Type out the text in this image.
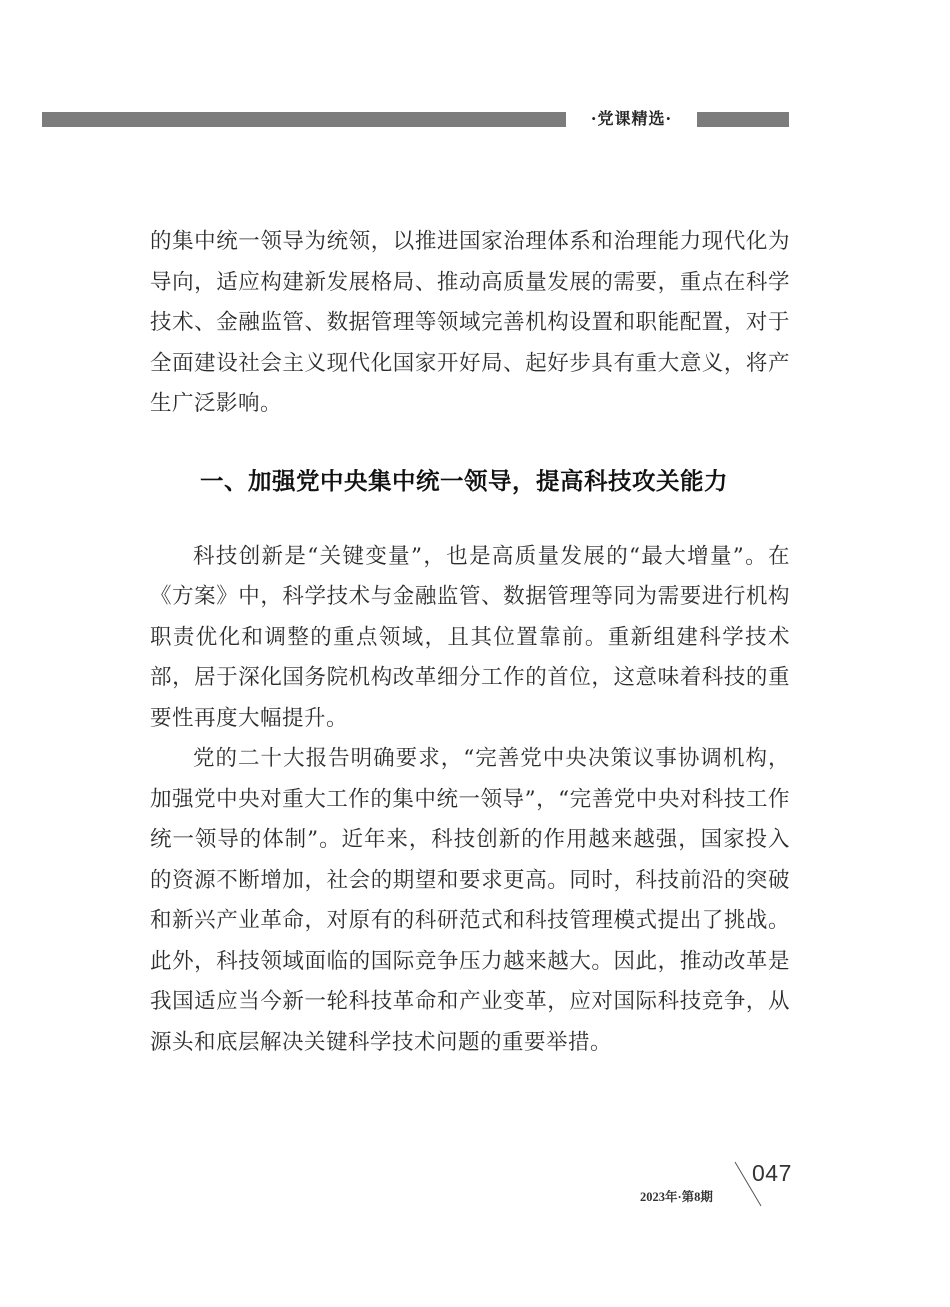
·党课精选·

的集中统一领导为统领，以推进国家治理体系和治理能力现代化为导向，适应构建新发展格局、推动高质量发展的需要，重点在科学技术、金融监管、数据管理等领域完善机构设置和职能配置，对于全面建设社会主义现代化国家开好局、起好步具有重大意义，将产生广泛影响。

一、加强党中央集中统一领导，提高科技攻关能力

科技创新是“关键变量”，也是高质量发展的“最大增量”。在《方案》中，科学技术与金融监管、数据管理等同为需要进行机构职责优化和调整的重点领域，且其位置靠前。重新组建科学技术部，居于深化国务院机构改革细分工作的首位，这意味着科技的重要性再度大幅提升。

党的二十大报告明确要求，“完善党中央决策议事协调机构，加强党中央对重大工作的集中统一领导”，“完善党中央对科技工作统一领导的体制”。近年来，科技创新的作用越来越强，国家投入的资源不断增加，社会的期望和要求更高。同时，科技前沿的突破和新兴产业革命，对原有的科研范式和科技管理模式提出了挑战。此外，科技领域面临的国际竞争压力越来越大。因此，推动改革是我国适应当今新一轮科技革命和产业变革，应对国际科技竞争，从源头和底层解决关键科学技术问题的重要举措。

047
2023年·第8期
